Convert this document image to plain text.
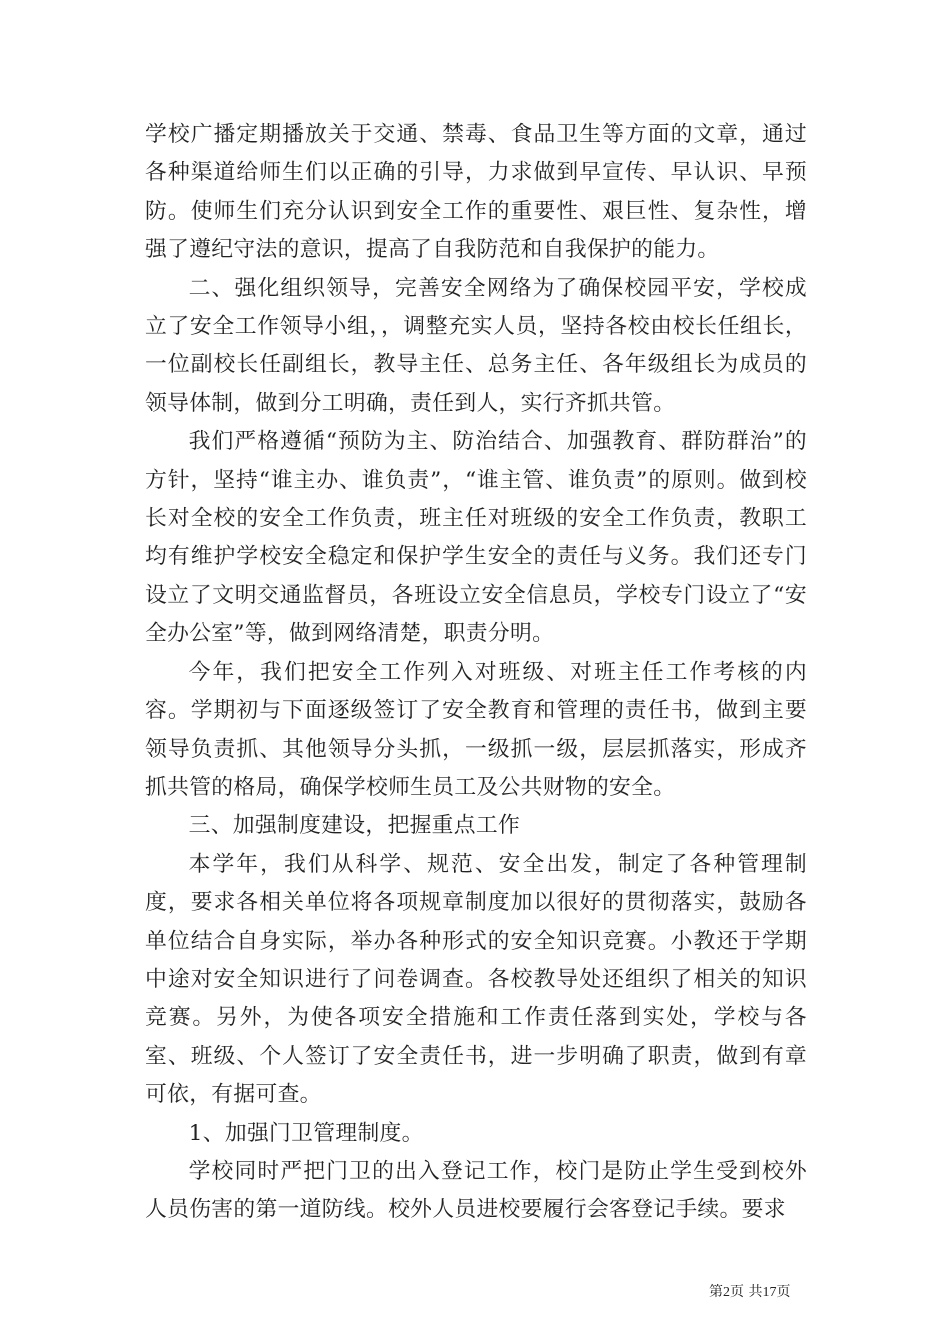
学校广播定期播放关于交通、禁毒、食品卫生等方面的文章，通过各种渠道给师生们以正确的引导，力求做到早宣传、早认识、早预防。使师生们充分认识到安全工作的重要性、艰巨性、复杂性，增强了遵纪守法的意识，提高了自我防范和自我保护的能力。

二、强化组织领导，完善安全网络为了确保校园平安，学校成立了安全工作领导小组，，调整充实人员，坚持各校由校长任组长，一位副校长任副组长，教导主任、总务主任、各年级组长为成员的领导体制，做到分工明确，责任到人，实行齐抓共管。

我们严格遵循“预防为主、防治结合、加强教育、群防群治”的方针，坚持“谁主办、谁负责”，“谁主管、谁负责”的原则。做到校长对全校的安全工作负责，班主任对班级的安全工作负责，教职工均有维护学校安全稳定和保护学生安全的责任与义务。我们还专门设立了文明交通监督员，各班设立安全信息员，学校专门设立了“安全办公室”等，做到网络清楚，职责分明。

今年，我们把安全工作列入对班级、对班主任工作考核的内容。学期初与下面逐级签订了安全教育和管理的责任书，做到主要领导负责抓、其他领导分头抓，一级抓一级，层层抓落实，形成齐抓共管的格局，确保学校师生员工及公共财物的安全。

三、加强制度建设，把握重点工作

本学年，我们从科学、规范、安全出发，制定了各种管理制度，要求各相关单位将各项规章制度加以很好的贯彻落实，鼓励各单位结合自身实际，举办各种形式的安全知识竞赛。小教还于学期中途对安全知识进行了问卷调查。各校教导处还组织了相关的知识竞赛。另外，为使各项安全措施和工作责任落到实处，学校与各室、班级、个人签订了安全责任书，进一步明确了职责，做到有章可依，有据可查。

1、加强门卫管理制度。

学校同时严把门卫的出入登记工作，校门是防止学生受到校外人员伤害的第一道防线。校外人员进校要履行会客登记手续。要求

第2页 共17页
